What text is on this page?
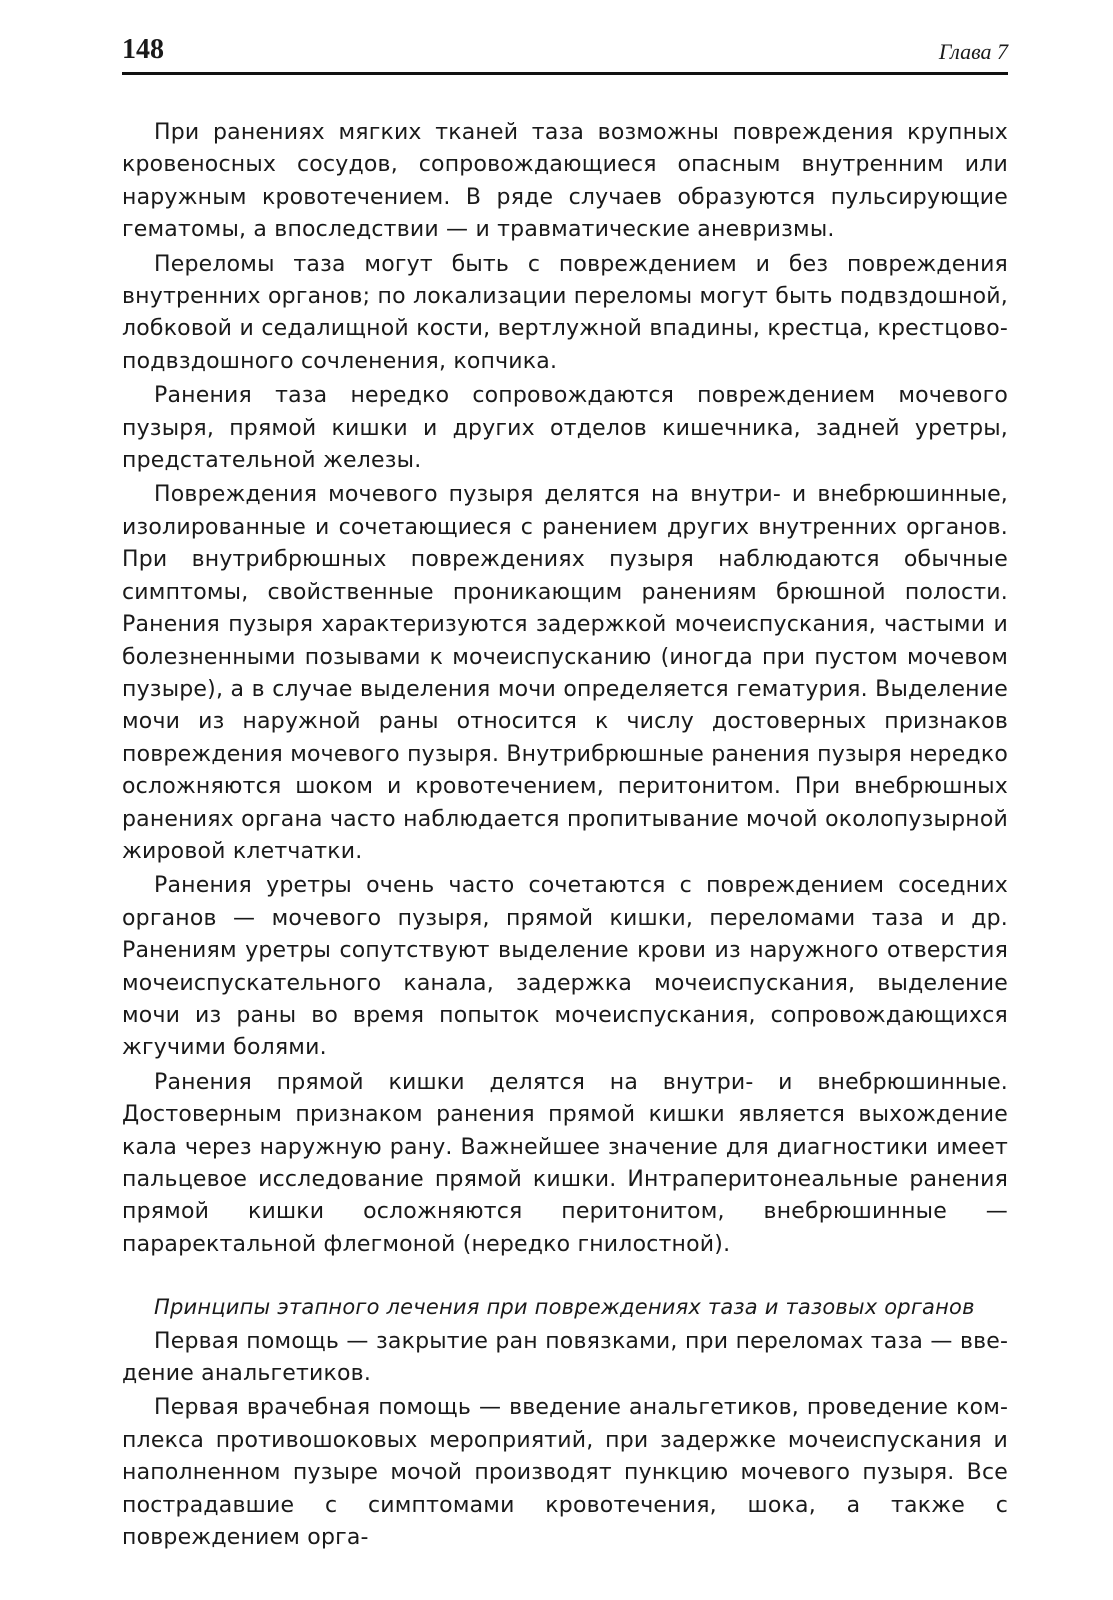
148	Глава 7

При ранениях мягких тканей таза возможны повреждения крупных кровеносных сосудов, сопровождающиеся опасным внутренним или наружным кровотечением. В ряде случаев образуются пульсирующие гематомы, а впоследствии — и травматические аневризмы.

Переломы таза могут быть с повреждением и без повреждения внутренних органов; по локализации переломы могут быть подвздошной, лобковой и седалищной кости, вертлужной впадины, крестца, крестцово-подвздошного сочленения, копчика.

Ранения таза нередко сопровождаются повреждением мочевого пузыря, прямой кишки и других отделов кишечника, задней уретры, предстательной железы.

Повреждения мочевого пузыря делятся на внутри- и внебрюшинные, изолированные и сочетающиеся с ранением других внутренних органов. При внутрибрюшных повреждениях пузыря наблюдаются обычные симптомы, свойственные проникающим ранениям брюшной полости. Ранения пузыря характеризуются задержкой мочеиспускания, частыми и болезненными позывами к мочеиспусканию (иногда при пустом мочевом пузыре), а в случае выделения мочи определяется гематурия. Выделение мочи из наружной раны относится к числу достоверных признаков повреждения мочевого пузыря. Внутрибрюшные ранения пузыря нередко осложняются шоком и кровотечением, перитонитом. При внебрюшных ранениях органа часто наблюдается пропитывание мочой околопузырной жировой клетчатки.

Ранения уретры очень часто сочетаются с повреждением соседних органов — мочевого пузыря, прямой кишки, переломами таза и др. Ранениям уретры сопутствуют выделение крови из наружного отверстия мочеиспускательного канала, задержка мочеиспускания, выделение мочи из раны во время попыток мочеиспускания, сопровождающихся жгучими болями.

Ранения прямой кишки делятся на внутри- и внебрюшинные. Достоверным признаком ранения прямой кишки является выхождение кала через наружную рану. Важнейшее значение для диагностики имеет пальцевое исследование прямой кишки. Интраперитонеальные ранения прямой кишки осложняются перитонитом, внебрюшинные — параректальной флегмоной (нередко гнилостной).

Принципы этапного лечения при повреждениях таза и тазовых органов

Первая помощь — закрытие ран повязками, при переломах таза — введение анальгетиков.

Первая врачебная помощь — введение анальгетиков, проведение комплекса противошоковых мероприятий, при задержке мочеиспускания и наполненном пузыре мочой производят пункцию мочевого пузыря. Все пострадавшие с симптомами кровотечения, шока, а также с повреждением орга-
